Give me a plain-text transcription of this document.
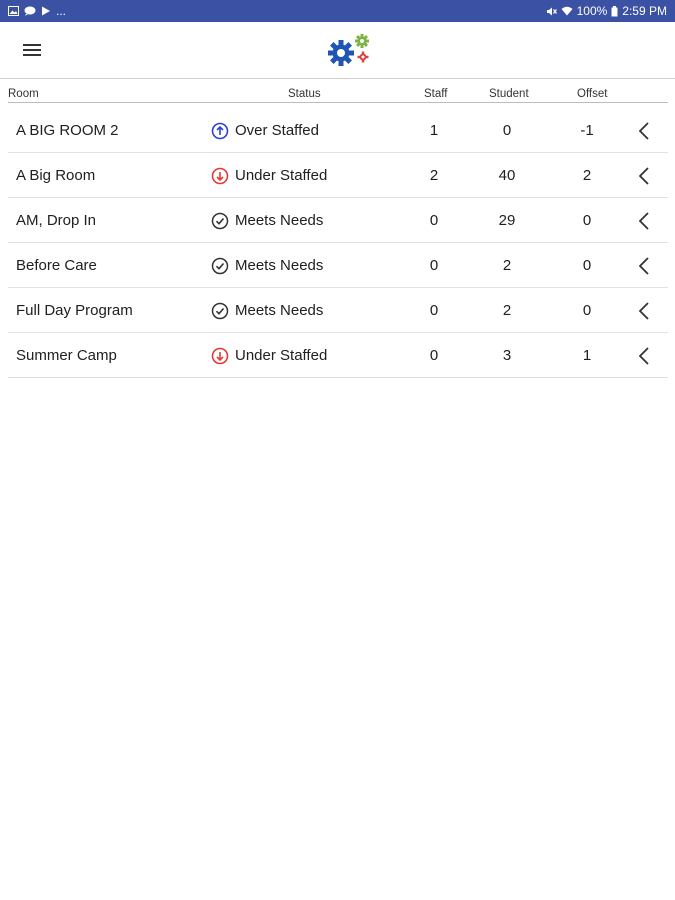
...	100% 2:59 PM
Room	Status	Staff	Student	Offset
A BIG ROOM 2	Over Staffed	1	0	-1
A Big Room	Under Staffed	2	40	2
AM, Drop In	Meets Needs	0	29	0
Before Care	Meets Needs	0	2	0
Full Day Program	Meets Needs	0	2	0
Summer Camp	Under Staffed	0	3	1
